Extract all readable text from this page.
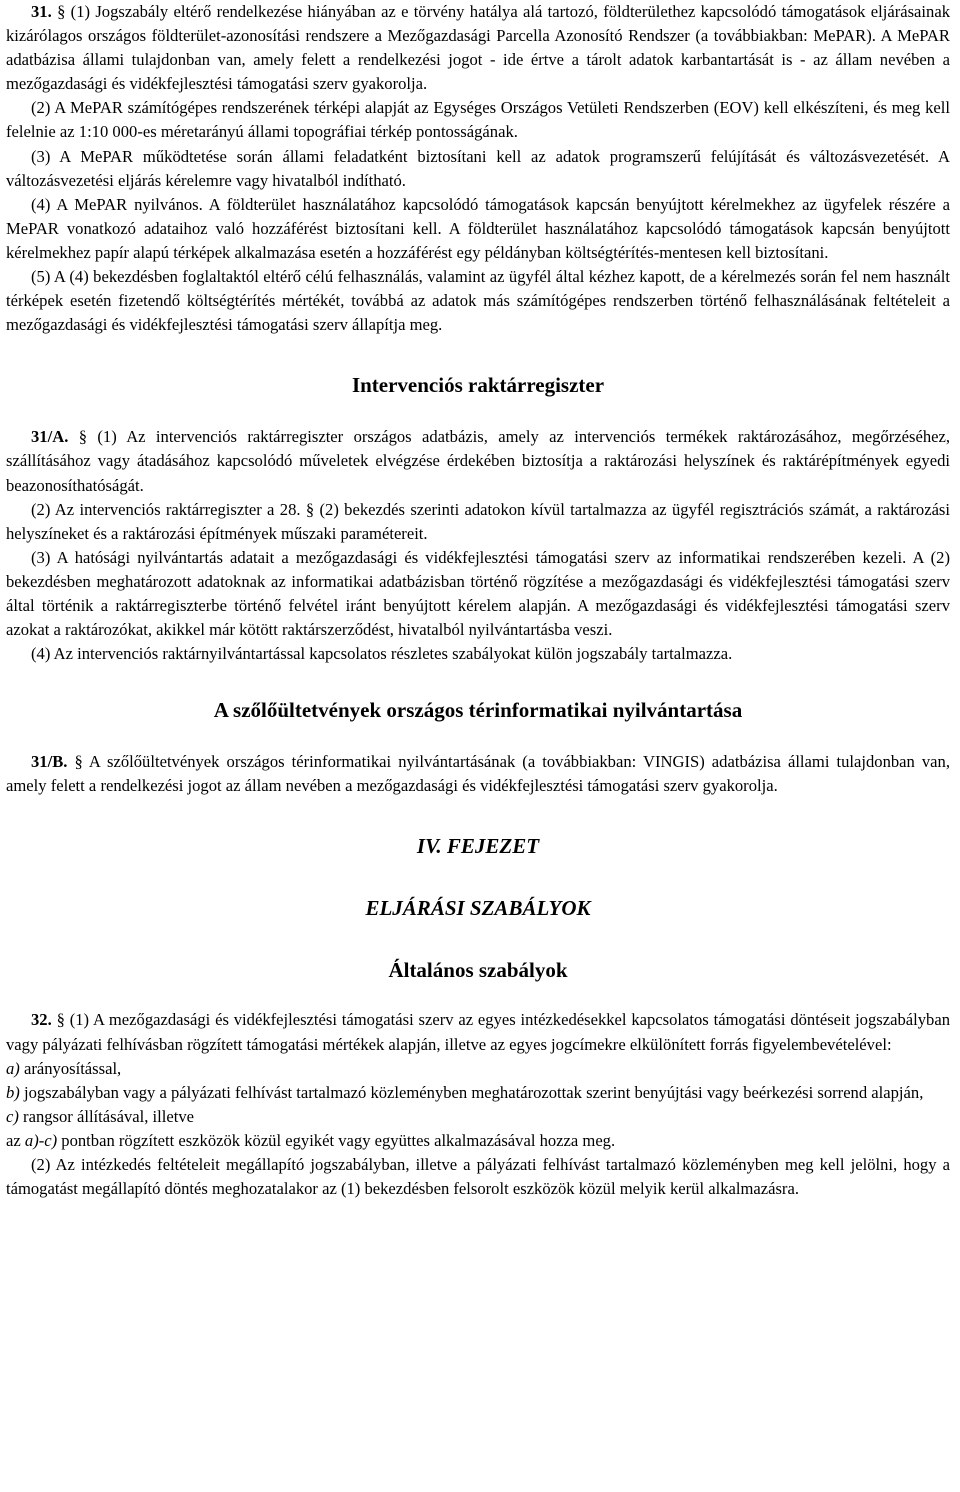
31. § (1) Jogszabály eltérő rendelkezése hiányában az e törvény hatálya alá tartozó, földterülethez kapcsolódó támogatások eljárásainak kizárólagos országos földterület-azonosítási rendszere a Mezőgazdasági Parcella Azonosító Rendszer (a továbbiakban: MePAR). A MePAR adatbázisa állami tulajdonban van, amely felett a rendelkezési jogot - ide értve a tárolt adatok karbantartását is - az állam nevében a mezőgazdasági és vidékfejlesztési támogatási szerv gyakorolja.

(2) A MePAR számítógépes rendszerének térképi alapját az Egységes Országos Vetületi Rendszerben (EOV) kell elkészíteni, és meg kell felelnie az 1:10 000-es méretarányú állami topográfiai térkép pontosságának.

(3) A MePAR működtetése során állami feladatként biztosítani kell az adatok programszerű felújítását és változásvezetését. A változásvezetési eljárás kérelemre vagy hivatalból indítható.

(4) A MePAR nyilvános. A földterület használatához kapcsolódó támogatások kapcsán benyújtott kérelmekhez az ügyfelek részére a MePAR vonatkozó adataihoz való hozzáférést biztosítani kell. A földterület használatához kapcsolódó támogatások kapcsán benyújtott kérelmekhez papír alapú térképek alkalmazása esetén a hozzáférést egy példányban költségtérítés-mentesen kell biztosítani.

(5) A (4) bekezdésben foglaltaktól eltérő célú felhasználás, valamint az ügyfél által kézhez kapott, de a kérelmezés során fel nem használt térképek esetén fizetendő költségtérítés mértékét, továbbá az adatok más számítógépes rendszerben történő felhasználásának feltételeit a mezőgazdasági és vidékfejlesztési támogatási szerv állapítja meg.

Intervenciós raktárregiszter

31/A. § (1) Az intervenciós raktárregiszter országos adatbázis, amely az intervenciós termékek raktározásához, megőrzéséhez, szállításához vagy átadásához kapcsolódó műveletek elvégzése érdekében biztosítja a raktározási helyszínek és raktárépítmények egyedi beazonosíthatóságát.

(2) Az intervenciós raktárregiszter a 28. § (2) bekezdés szerinti adatokon kívül tartalmazza az ügyfél regisztrációs számát, a raktározási helyszíneket és a raktározási építmények műszaki paramétereit.

(3) A hatósági nyilvántartás adatait a mezőgazdasági és vidékfejlesztési támogatási szerv az informatikai rendszerében kezeli. A (2) bekezdésben meghatározott adatoknak az informatikai adatbázisban történő rögzítése a mezőgazdasági és vidékfejlesztési támogatási szerv által történik a raktárregiszterbe történő felvétel iránt benyújtott kérelem alapján. A mezőgazdasági és vidékfejlesztési támogatási szerv azokat a raktározókat, akikkel már kötött raktárszerződést, hivatalból nyilvántartásba veszi.

(4) Az intervenciós raktárnyilvántartással kapcsolatos részletes szabályokat külön jogszabály tartalmazza.

A szőlőültetvények országos térinformatikai nyilvántartása

31/B. § A szőlőültetvények országos térinformatikai nyilvántartásának (a továbbiakban: VINGIS) adatbázisa állami tulajdonban van, amely felett a rendelkezési jogot az állam nevében a mezőgazdasági és vidékfejlesztési támogatási szerv gyakorolja.

IV. FEJEZET

ELJÁRÁSI SZABÁLYOK

Általános szabályok

32. § (1) A mezőgazdasági és vidékfejlesztési támogatási szerv az egyes intézkedésekkel kapcsolatos támogatási döntéseit jogszabályban vagy pályázati felhívásban rögzített támogatási mértékek alapján, illetve az egyes jogcímekre elkülönített forrás figyelembevételével:

a) arányosítással,

b) jogszabályban vagy a pályázati felhívást tartalmazó közleményben meghatározottak szerint benyújtási vagy beérkezési sorrend alapján,

c) rangsor állításával, illetve

az a)-c) pontban rögzített eszközök közül egyikét vagy együttes alkalmazásával hozza meg.

(2) Az intézkedés feltételeit megállapító jogszabályban, illetve a pályázati felhívást tartalmazó közleményben meg kell jelölni, hogy a támogatást megállapító döntés meghozatalakor az (1) bekezdésben felsorolt eszközök közül melyik kerül alkalmazásra.
